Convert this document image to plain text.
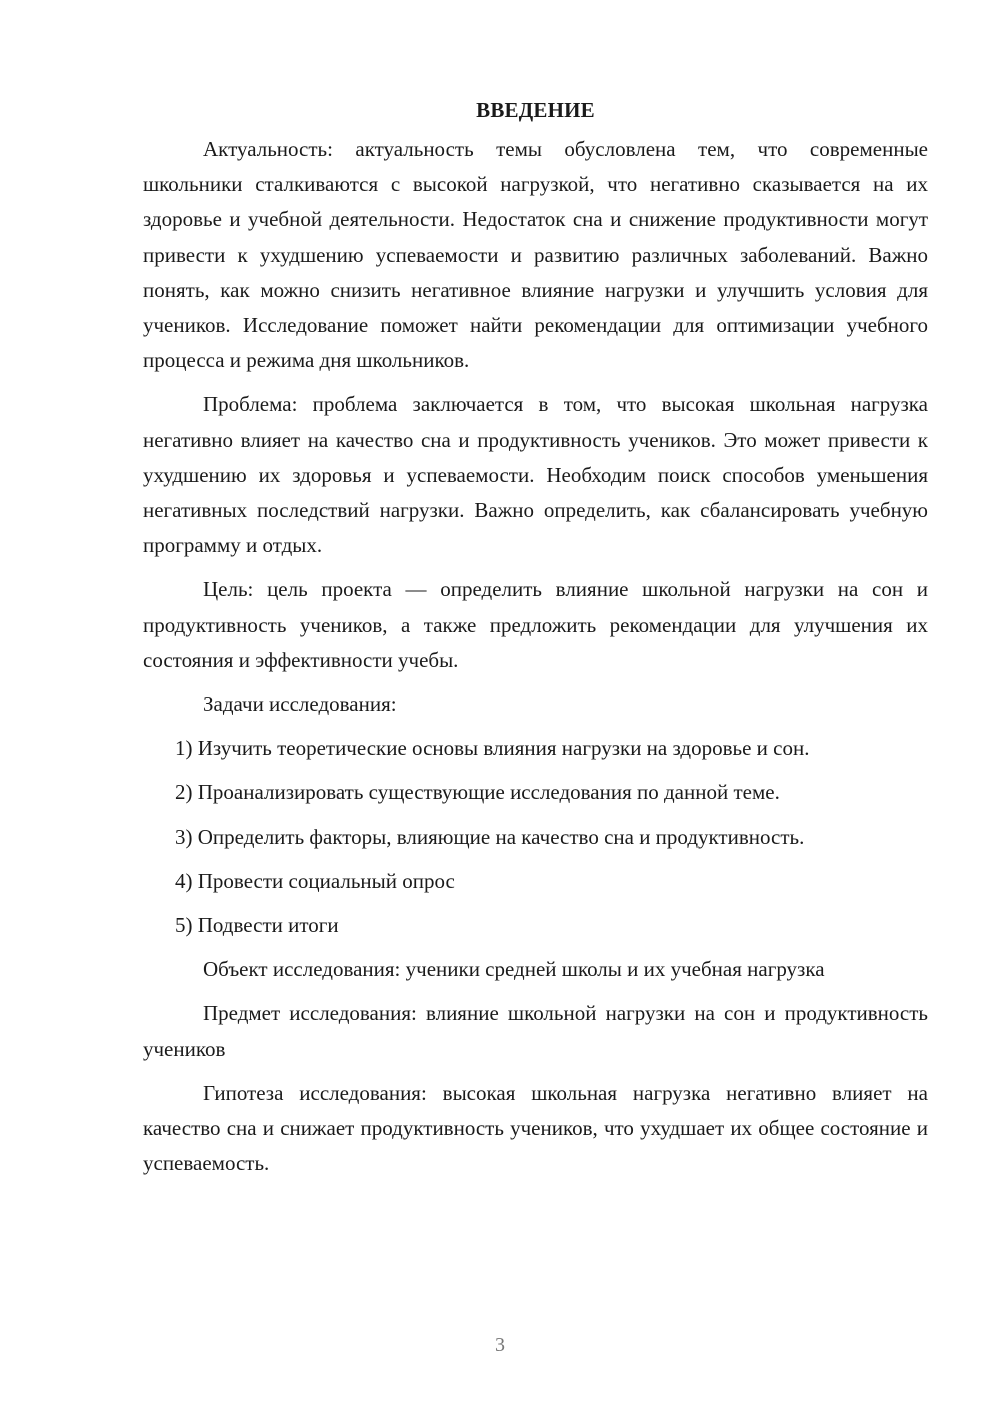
ВВЕДЕНИЕ

Актуальность: актуальность темы обусловлена тем, что современные школьники сталкиваются с высокой нагрузкой, что негативно сказывается на их здоровье и учебной деятельности. Недостаток сна и снижение продуктивности могут привести к ухудшению успеваемости и развитию различных заболеваний. Важно понять, как можно снизить негативное влияние нагрузки и улучшить условия для учеников. Исследование поможет найти рекомендации для оптимизации учебного процесса и режима дня школьников.

Проблема: проблема заключается в том, что высокая школьная нагрузка негативно влияет на качество сна и продуктивность учеников. Это может привести к ухудшению их здоровья и успеваемости. Необходим поиск способов уменьшения негативных последствий нагрузки. Важно определить, как сбалансировать учебную программу и отдых.

Цель: цель проекта — определить влияние школьной нагрузки на сон и продуктивность учеников, а также предложить рекомендации для улучшения их состояния и эффективности учебы.

Задачи исследования:

1) Изучить теоретические основы влияния нагрузки на здоровье и сон.

2) Проанализировать существующие исследования по данной теме.

3) Определить факторы, влияющие на качество сна и продуктивность.

4) Провести социальный опрос

5) Подвести итоги

Объект исследования: ученики средней школы и их учебная нагрузка

Предмет исследования: влияние школьной нагрузки на сон и продуктивность учеников

Гипотеза исследования: высокая школьная нагрузка негативно влияет на качество сна и снижает продуктивность учеников, что ухудшает их общее состояние и успеваемость.

3
